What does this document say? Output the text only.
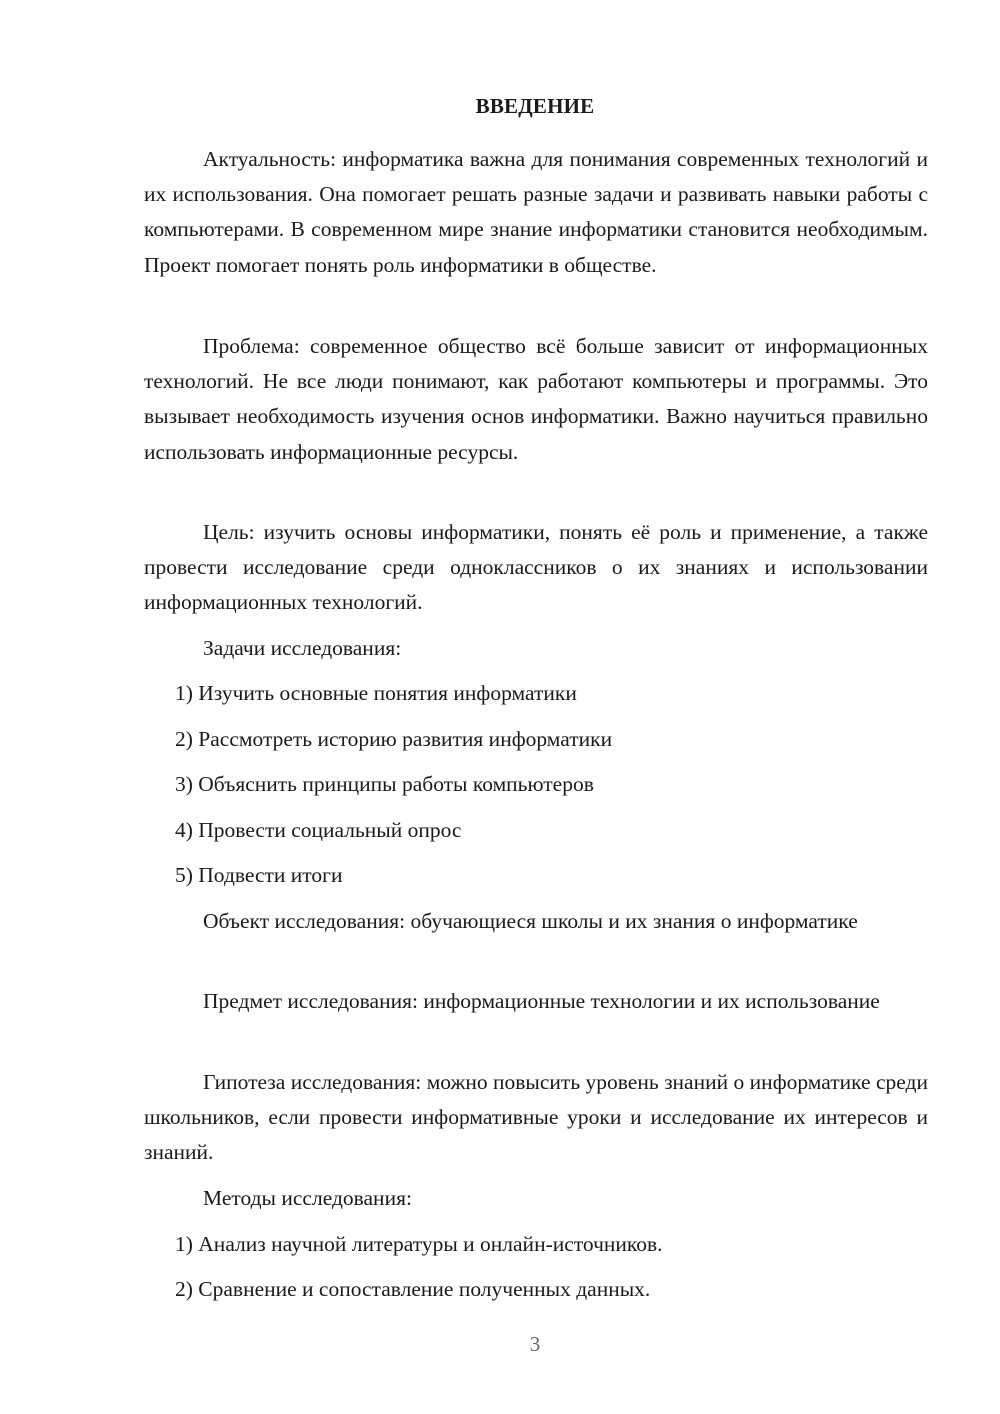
ВВЕДЕНИЕ

Актуальность: информатика важна для понимания современных технологий и их использования. Она помогает решать разные задачи и развивать навыки работы с компьютерами. В современном мире знание информатики становится необходимым. Проект помогает понять роль информатики в обществе.

Проблема: современное общество всё больше зависит от информационных технологий. Не все люди понимают, как работают компьютеры и программы. Это вызывает необходимость изучения основ информатики. Важно научиться правильно использовать информационные ресурсы.

Цель: изучить основы информатики, понять её роль и применение, а также провести исследование среди одноклассников о их знаниях и использовании информационных технологий.

Задачи исследования:
1) Изучить основные понятия информатики
2) Рассмотреть историю развития информатики
3) Объяснить принципы работы компьютеров
4) Провести социальный опрос
5) Подвести итоги

Объект исследования: обучающиеся школы и их знания о информатике

Предмет исследования: информационные технологии и их использование

Гипотеза исследования: можно повысить уровень знаний о информатике среди школьников, если провести информативные уроки и исследование их интересов и знаний.

Методы исследования:
1) Анализ научной литературы и онлайн-источников.
2) Сравнение и сопоставление полученных данных.
3
